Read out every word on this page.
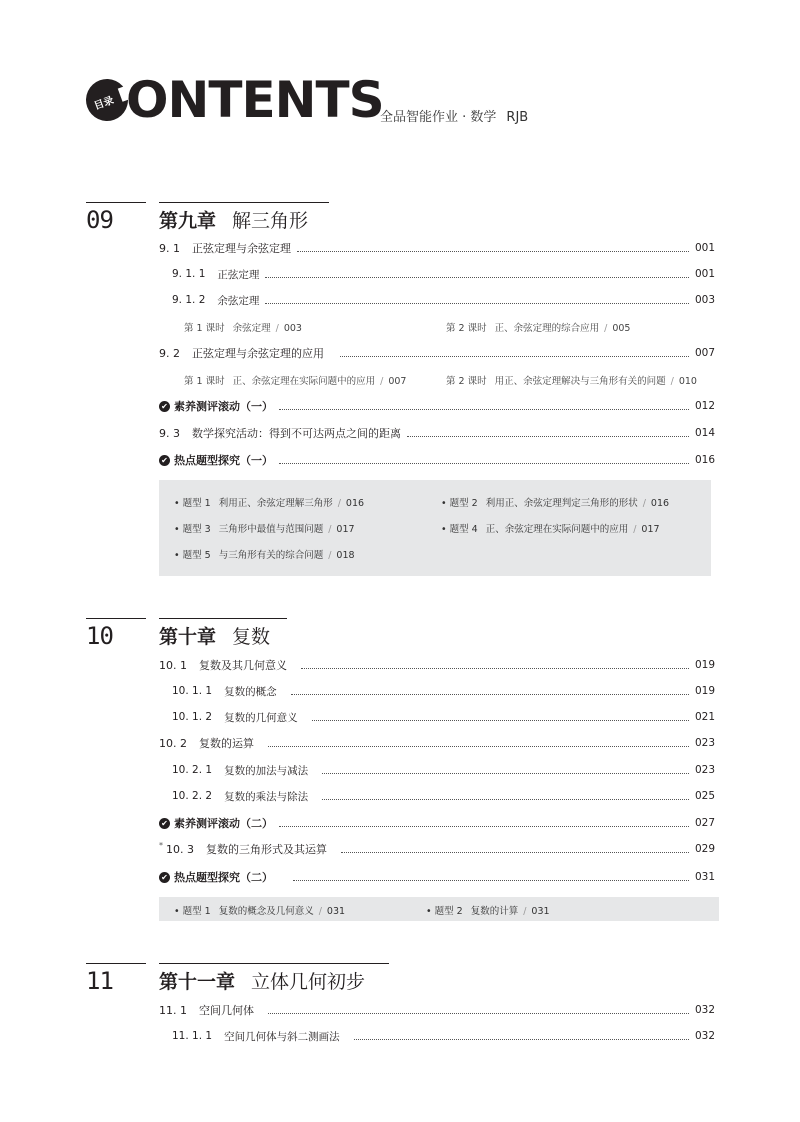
目录 ONTENTS
全品智能作业 · 数学 RJB
09 第九章 解三角形
9. 1 正弦定理与余弦定理	001
9. 1. 1 正弦定理	001
9. 1. 2 余弦定理	003
第 1 课时 余弦定理 / 003	第 2 课时 正、余弦定理的综合应用 / 005
9. 2 正弦定理与余弦定理的应用	007
第 1 课时 正、余弦定理在实际问题中的应用 / 007	第 2 课时 用正、余弦定理解决与三角形有关的问题 / 010
✔ 素养测评滚动（一）	012
9. 3 数学探究活动：得到不可达两点之间的距离	014
✔ 热点题型探究（一）	016
• 题型 1 利用正、余弦定理解三角形 / 016	• 题型 2 利用正、余弦定理判定三角形的形状 / 016
• 题型 3 三角形中最值与范围问题 / 017	• 题型 4 正、余弦定理在实际问题中的应用 / 017
• 题型 5 与三角形有关的综合问题 / 018
10 第十章 复数
10. 1 复数及其几何意义	019
10. 1. 1 复数的概念	019
10. 1. 2 复数的几何意义	021
10. 2 复数的运算	023
10. 2. 1 复数的加法与减法	023
10. 2. 2 复数的乘法与除法	025
✔ 素养测评滚动（二）	027
* 10. 3 复数的三角形式及其运算	029
✔ 热点题型探究（二）	031
• 题型 1 复数的概念及几何意义 / 031	• 题型 2 复数的计算 / 031
11 第十一章 立体几何初步
11. 1 空间几何体	032
11. 1. 1 空间几何体与斜二测画法	032
